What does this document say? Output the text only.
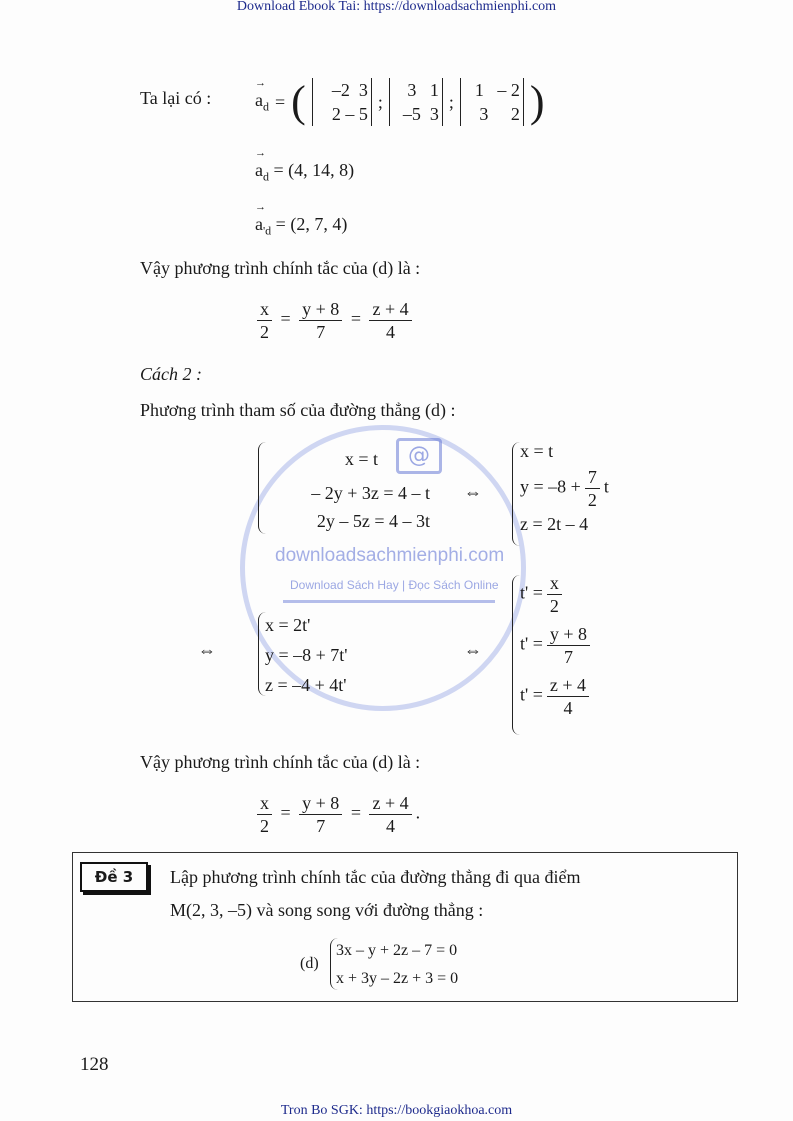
Download Ebook Tai: https://downloadsachmienphi.com
@
downloadsachmienphi.com
Download Sách Hay | Đọc Sách Online
Ta lại có : → $a_d$ = (	–2 3
2 – 5
;
3 1
–5 3
;
1 – 2
3 2 )
→ $a_d = (4$, 14, 8)
→ $a_{'d} = (2$, 7, 4)
Vậy phương trình chính tắc của (d) là :
$\frac{x}{2} = \frac{y + 8}{7} = \frac{z + 4}{4}$
Cách 2 :
Phương trình tham số của đường thẳng (d) :
x = t
– 2y + 3z = 4 – t
2y – 5z = 4 – 3t
⇔
x = t
$y = -8 + \frac{7}{2}$ t
z = 2t – 4
⇔
x = 2t'
y = –8 + 7t'
z = –4 + 4t'
⇔
$t' = \frac{x}{2}$
$t' = \frac{y + 8}{7}$
$t' = \frac{z + 4}{4}$
Vậy phương trình chính tắc của (d) là :
$\frac{x}{2} = \frac{y + 8}{7} = \frac{z + 4}{4}$ .
Đề 3	Lập phương trình chính tắc của đường thẳng đi qua điểm
M(2, 3, –5) và song song với đường thẳng :
(d)
3x – y + 2z – 7 = 0
x + 3y – 2z + 3 = 0
128
Tron Bo SGK: https://bookgiaokhoa.com
